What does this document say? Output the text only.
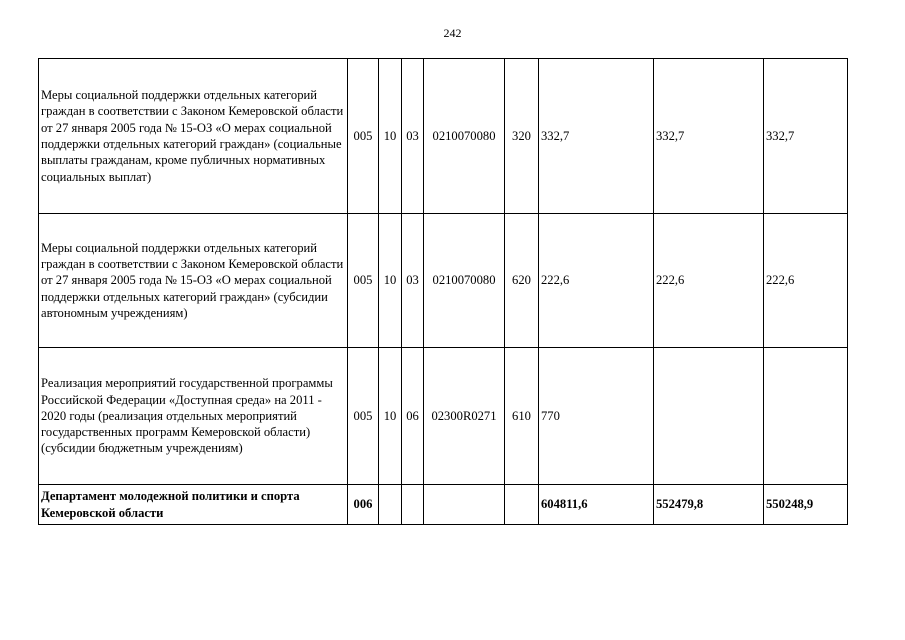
242
Меры социальной поддержки отдельных категорий граждан в соответствии с Законом Кемеровской области от 27 января 2005 года № 15-ОЗ «О мерах социальной поддержки отдельных категорий граждан» (социальные выплаты гражданам, кроме публичных нормативных социальных выплат)	005	10	03	0210070080	320	332,7	332,7	332,7
Меры социальной поддержки отдельных категорий граждан в соответствии с Законом Кемеровской области от 27 января 2005 года № 15-ОЗ «О мерах социальной поддержки отдельных категорий граждан» (субсидии автономным учреждениям)	005	10	03	0210070080	620	222,6	222,6	222,6
Реализация мероприятий государственной программы Российской Федерации «Доступная среда» на 2011 - 2020 годы (реализация отдельных мероприятий государственных программ Кемеровской области) (субсидии бюджетным учреждениям)	005	10	06	02300R0271	610	770		
Департамент молодежной политики и спорта Кемеровской области	006					604811,6	552479,8	550248,9
